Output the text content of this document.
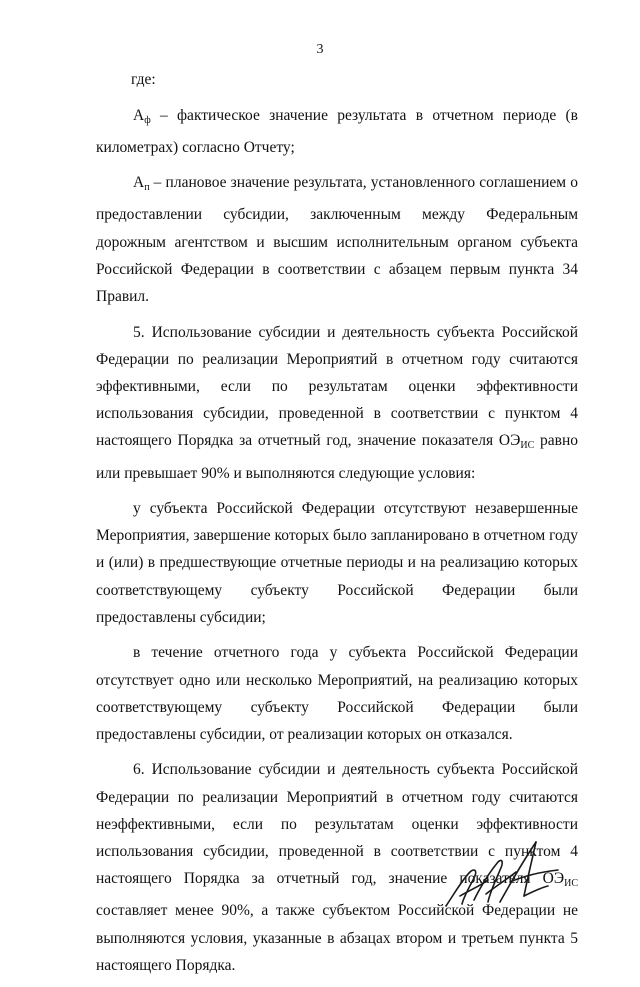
3

где:

$А_ф$ – фактическое значение результата в отчетном периоде (в километрах) согласно Отчету;

$А_п$ – плановое значение результата, установленного соглашением о предоставлении субсидии, заключенным между Федеральным дорожным агентством и высшим исполнительным органом субъекта Российской Федерации в соответствии с абзацем первым пункта 34 Правил.

5. Использование субсидии и деятельность субъекта Российской Федерации по реализации Мероприятий в отчетном году считаются эффективными, если по результатам оценки эффективности использования субсидии, проведенной в соответствии с пунктом 4 настоящего Порядка за отчетный год, значение показателя $ОЭ_{ИС}$ равно или превышает 90% и выполняются следующие условия:

у субъекта Российской Федерации отсутствуют незавершенные Мероприятия, завершение которых было запланировано в отчетном году и (или) в предшествующие отчетные периоды и на реализацию которых соответствующему субъекту Российской Федерации были предоставлены субсидии;

в течение отчетного года у субъекта Российской Федерации отсутствует одно или несколько Мероприятий, на реализацию которых соответствующему субъекту Российской Федерации были предоставлены субсидии, от реализации которых он отказался.

6. Использование субсидии и деятельность субъекта Российской Федерации по реализации Мероприятий в отчетном году считаются неэффективными, если по результатам оценки эффективности использования субсидии, проведенной в соответствии с пунктом 4 настоящего Порядка за отчетный год, значение показателя $ОЭ_{ИС}$ составляет менее 90%, а также субъектом Российской Федерации не выполняются условия, указанные в абзацах втором и третьем пункта 5 настоящего Порядка.
